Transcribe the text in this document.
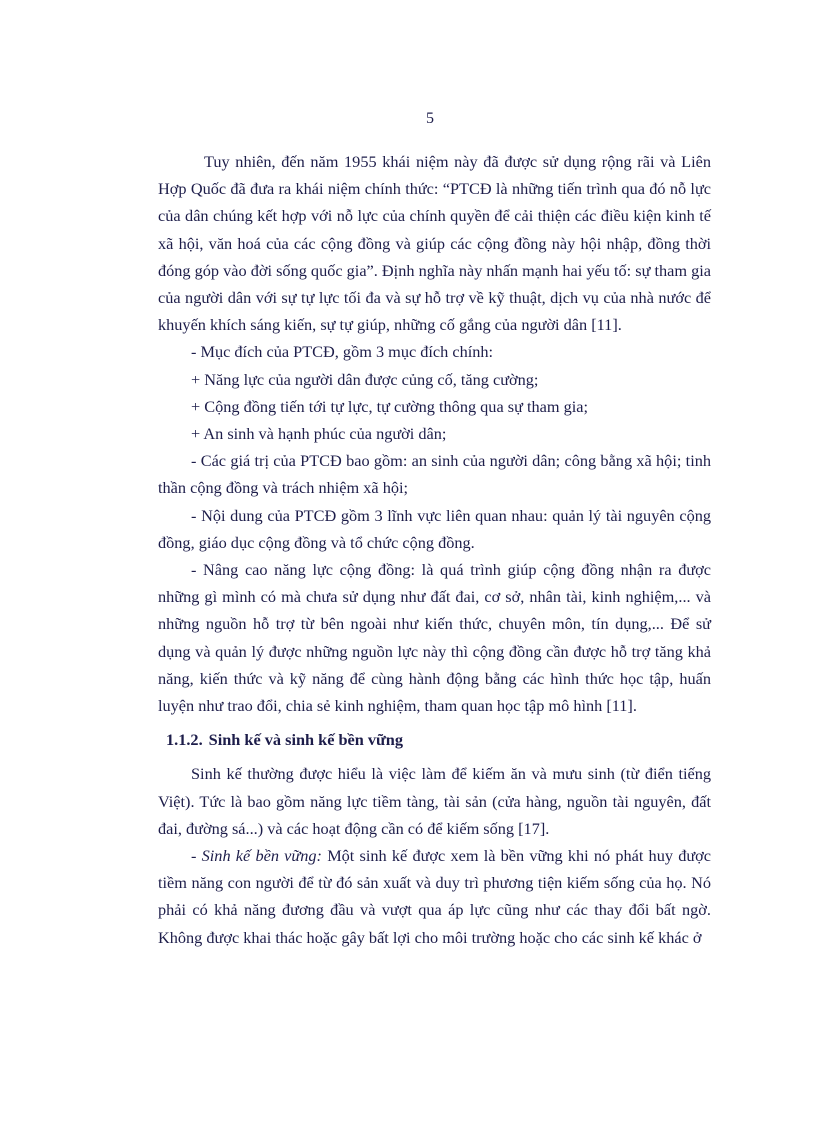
5

Tuy nhiên, đến năm 1955 khái niệm này đã được sử dụng rộng rãi và Liên Hợp Quốc đã đưa ra khái niệm chính thức: “PTCĐ là những tiến trình qua đó nỗ lực của dân chúng kết hợp với nỗ lực của chính quyền để cải thiện các điều kiện kinh tế xã hội, văn hoá của các cộng đồng và giúp các cộng đồng này hội nhập, đồng thời đóng góp vào đời sống quốc gia”. Định nghĩa này nhấn mạnh hai yếu tố: sự tham gia của người dân với sự tự lực tối đa và sự hỗ trợ về kỹ thuật, dịch vụ của nhà nước để khuyến khích sáng kiến, sự tự giúp, những cố gắng của người dân [11].

- Mục đích của PTCĐ, gồm 3 mục đích chính:

+ Năng lực của người dân được củng cố, tăng cường;

+ Cộng đồng tiến tới tự lực, tự cường thông qua sự tham gia;

+ An sinh và hạnh phúc của người dân;

- Các giá trị của PTCĐ bao gồm: an sinh của người dân; công bằng xã hội; tinh thần cộng đồng và trách nhiệm xã hội;

- Nội dung của PTCĐ gồm 3 lĩnh vực liên quan nhau: quản lý tài nguyên cộng đồng, giáo dục cộng đồng và tổ chức cộng đồng.

- Nâng cao năng lực cộng đồng: là quá trình giúp cộng đồng nhận ra được những gì mình có mà chưa sử dụng như đất đai, cơ sở, nhân tài, kinh nghiệm,... và những nguồn hỗ trợ từ bên ngoài như kiến thức, chuyên môn, tín dụng,... Để sử dụng và quản lý được những nguồn lực này thì cộng đồng cần được hỗ trợ tăng khả năng, kiến thức và kỹ năng để cùng hành động bằng các hình thức học tập, huấn luyện như trao đổi, chia sẻ kinh nghiệm, tham quan học tập mô hình [11].

1.1.2. Sinh kế và sinh kế bền vững

Sinh kế thường được hiểu là việc làm để kiếm ăn và mưu sinh (từ điển tiếng Việt). Tức là bao gồm năng lực tiềm tàng, tài sản (cửa hàng, nguồn tài nguyên, đất đai, đường sá...) và các hoạt động cần có để kiếm sống [17].

- Sinh kế bền vững: Một sinh kế được xem là bền vững khi nó phát huy được tiềm năng con người để từ đó sản xuất và duy trì phương tiện kiếm sống của họ. Nó phải có khả năng đương đầu và vượt qua áp lực cũng như các thay đổi bất ngờ. Không được khai thác hoặc gây bất lợi cho môi trường hoặc cho các sinh kế khác ở
